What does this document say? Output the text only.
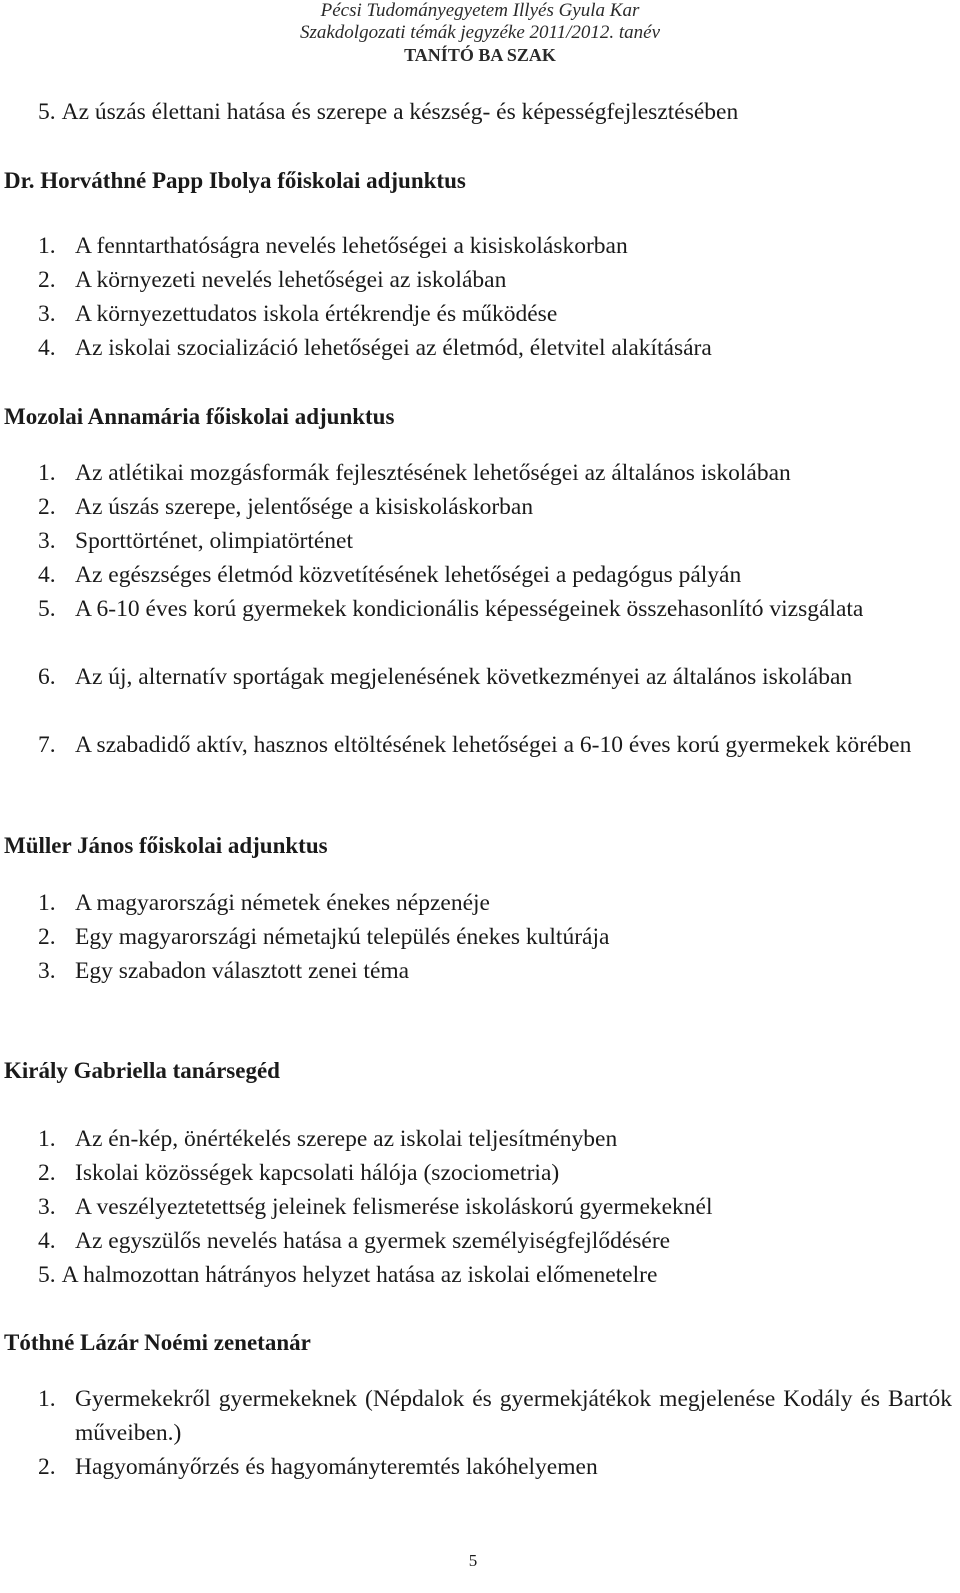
Pécsi Tudományegyetem Illyés Gyula Kar
Szakdolgozati témák jegyzéke 2011/2012. tanév
TANÍTÓ BA SZAK
5. Az úszás élettani hatása és szerepe a készség- és képességfejlesztésében
Dr. Horváthné Papp Ibolya főiskolai adjunktus
1. A fenntarthatóságra nevelés lehetőségei a kisiskoláskorban
2. A környezeti nevelés lehetőségei az iskolában
3. A környezettudatos iskola értékrendje és működése
4. Az iskolai szocializáció lehetőségei az életmód, életvitel alakítására
Mozolai Annamária főiskolai adjunktus
1. Az atlétikai mozgásformák fejlesztésének lehetőségei az általános iskolában
2. Az úszás szerepe, jelentősége a kisiskoláskorban
3. Sporttörténet, olimpiatörténet
4. Az egészséges életmód közvetítésének lehetőségei a pedagógus pályán
5. A 6-10 éves korú gyermekek kondicionális képességeinek összehasonlító vizsgálata
6. Az új, alternatív sportágak megjelenésének következményei az általános iskolában
7. A szabadidő aktív, hasznos eltöltésének lehetőségei a 6-10 éves korú gyermekek körében
Müller János főiskolai adjunktus
1. A magyarországi németek énekes népzenéje
2. Egy magyarországi németajkú település énekes kultúrája
3. Egy szabadon választott zenei téma
Király Gabriella tanársegéd
1. Az én-kép, önértékelés szerepe az iskolai teljesítményben
2. Iskolai közösségek kapcsolati hálója (szociometria)
3. A veszélyeztetettség jeleinek felismerése iskoláskorú gyermekeknél
4. Az egyszülős nevelés hatása a gyermek személyiségfejlődésére
5. A halmozottan hátrányos helyzet hatása az iskolai előmenetelre
Tóthné Lázár Noémi zenetanár
1. Gyermekekről gyermekeknek (Népdalok és gyermekjátékok megjelenése Kodály és Bartók műveiben.)
2. Hagyományőrzés és hagyományteremtés lakóhelyemen
5
